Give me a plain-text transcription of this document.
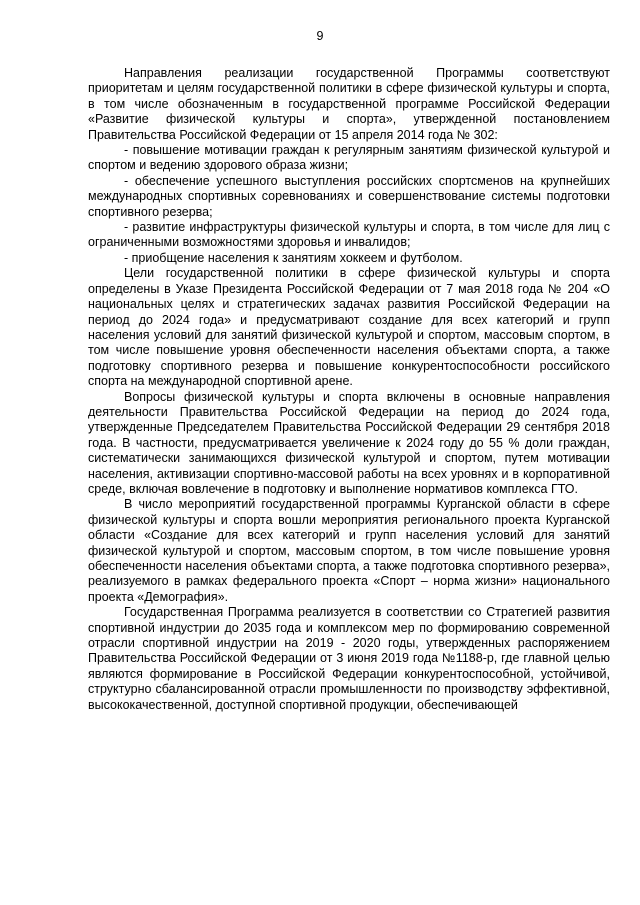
9

Направления реализации государственной Программы соответствуют приоритетам и целям государственной политики в сфере физической культуры и спорта, в том числе обозначенным в государственной программе Российской Федерации «Развитие физической культуры и спорта», утвержденной постановлением Правительства Российской Федерации от 15 апреля 2014 года № 302:

- повышение мотивации граждан к регулярным занятиям физической культурой и спортом и ведению здорового образа жизни;

- обеспечение успешного выступления российских спортсменов на крупнейших международных спортивных соревнованиях и совершенствование системы подготовки спортивного резерва;

- развитие инфраструктуры физической культуры и спорта, в том числе для лиц с ограниченными возможностями здоровья и инвалидов;

- приобщение населения к занятиям хоккеем и футболом.

Цели государственной политики в сфере физической культуры и спорта определены в Указе Президента Российской Федерации от 7 мая 2018 года № 204 «О национальных целях и стратегических задачах развития Российской Федерации на период до 2024 года» и предусматривают создание для всех категорий и групп населения условий для занятий физической культурой и спортом, массовым спортом, в том числе повышение уровня обеспеченности населения объектами спорта, а также подготовку спортивного резерва и повышение конкурентоспособности российского спорта на международной спортивной арене.

Вопросы физической культуры и спорта включены в основные направления деятельности Правительства Российской Федерации на период до 2024 года, утвержденные Председателем Правительства Российской Федерации 29 сентября 2018 года. В частности, предусматривается увеличение к 2024 году до 55 % доли граждан, систематически занимающихся физической культурой и спортом, путем мотивации населения, активизации спортивно-массовой работы на всех уровнях и в корпоративной среде, включая вовлечение в подготовку и выполнение нормативов комплекса ГТО.

В число мероприятий государственной программы Курганской области в сфере физической культуры и спорта вошли мероприятия регионального проекта Курганской области «Создание для всех категорий и групп населения условий для занятий физической культурой и спортом, массовым спортом, в том числе повышение уровня обеспеченности населения объектами спорта, а также подготовка спортивного резерва», реализуемого в рамках федерального проекта «Спорт – норма жизни» национального проекта «Демография».

Государственная Программа реализуется в соответствии со Стратегией развития спортивной индустрии до 2035 года и комплексом мер по формированию современной отрасли спортивной индустрии на 2019 - 2020 годы, утвержденных распоряжением Правительства Российской Федерации от 3 июня 2019 года №1188-р, где главной целью являются формирование в Российской Федерации конкурентоспособной, устойчивой, структурно сбалансированной отрасли промышленности по производству эффективной, высококачественной, доступной спортивной продукции, обеспечивающей
